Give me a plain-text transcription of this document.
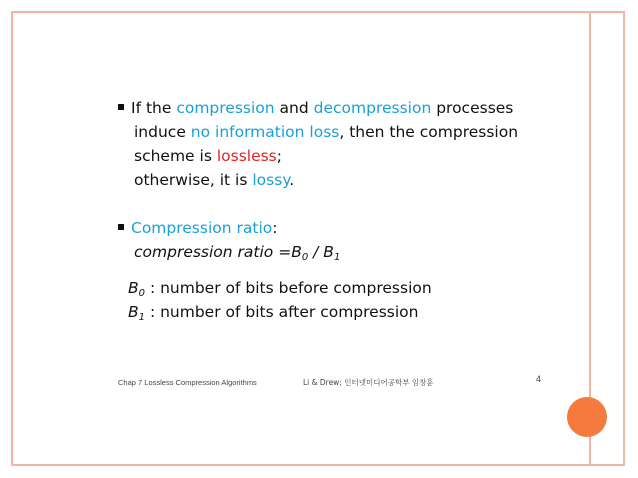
If the compression and decompression processes
induce no information loss, then the compression
scheme is lossless;
otherwise, it is lossy.
Compression ratio:
compression ratio $=B_0 / B_1$
$B_0$ : number of bits before compression
$B_1$ : number of bits after compression
Chap 7 Lossless Compression Algorithms	Li & Drew; 인터넷미디어공학부 임창훈	4
